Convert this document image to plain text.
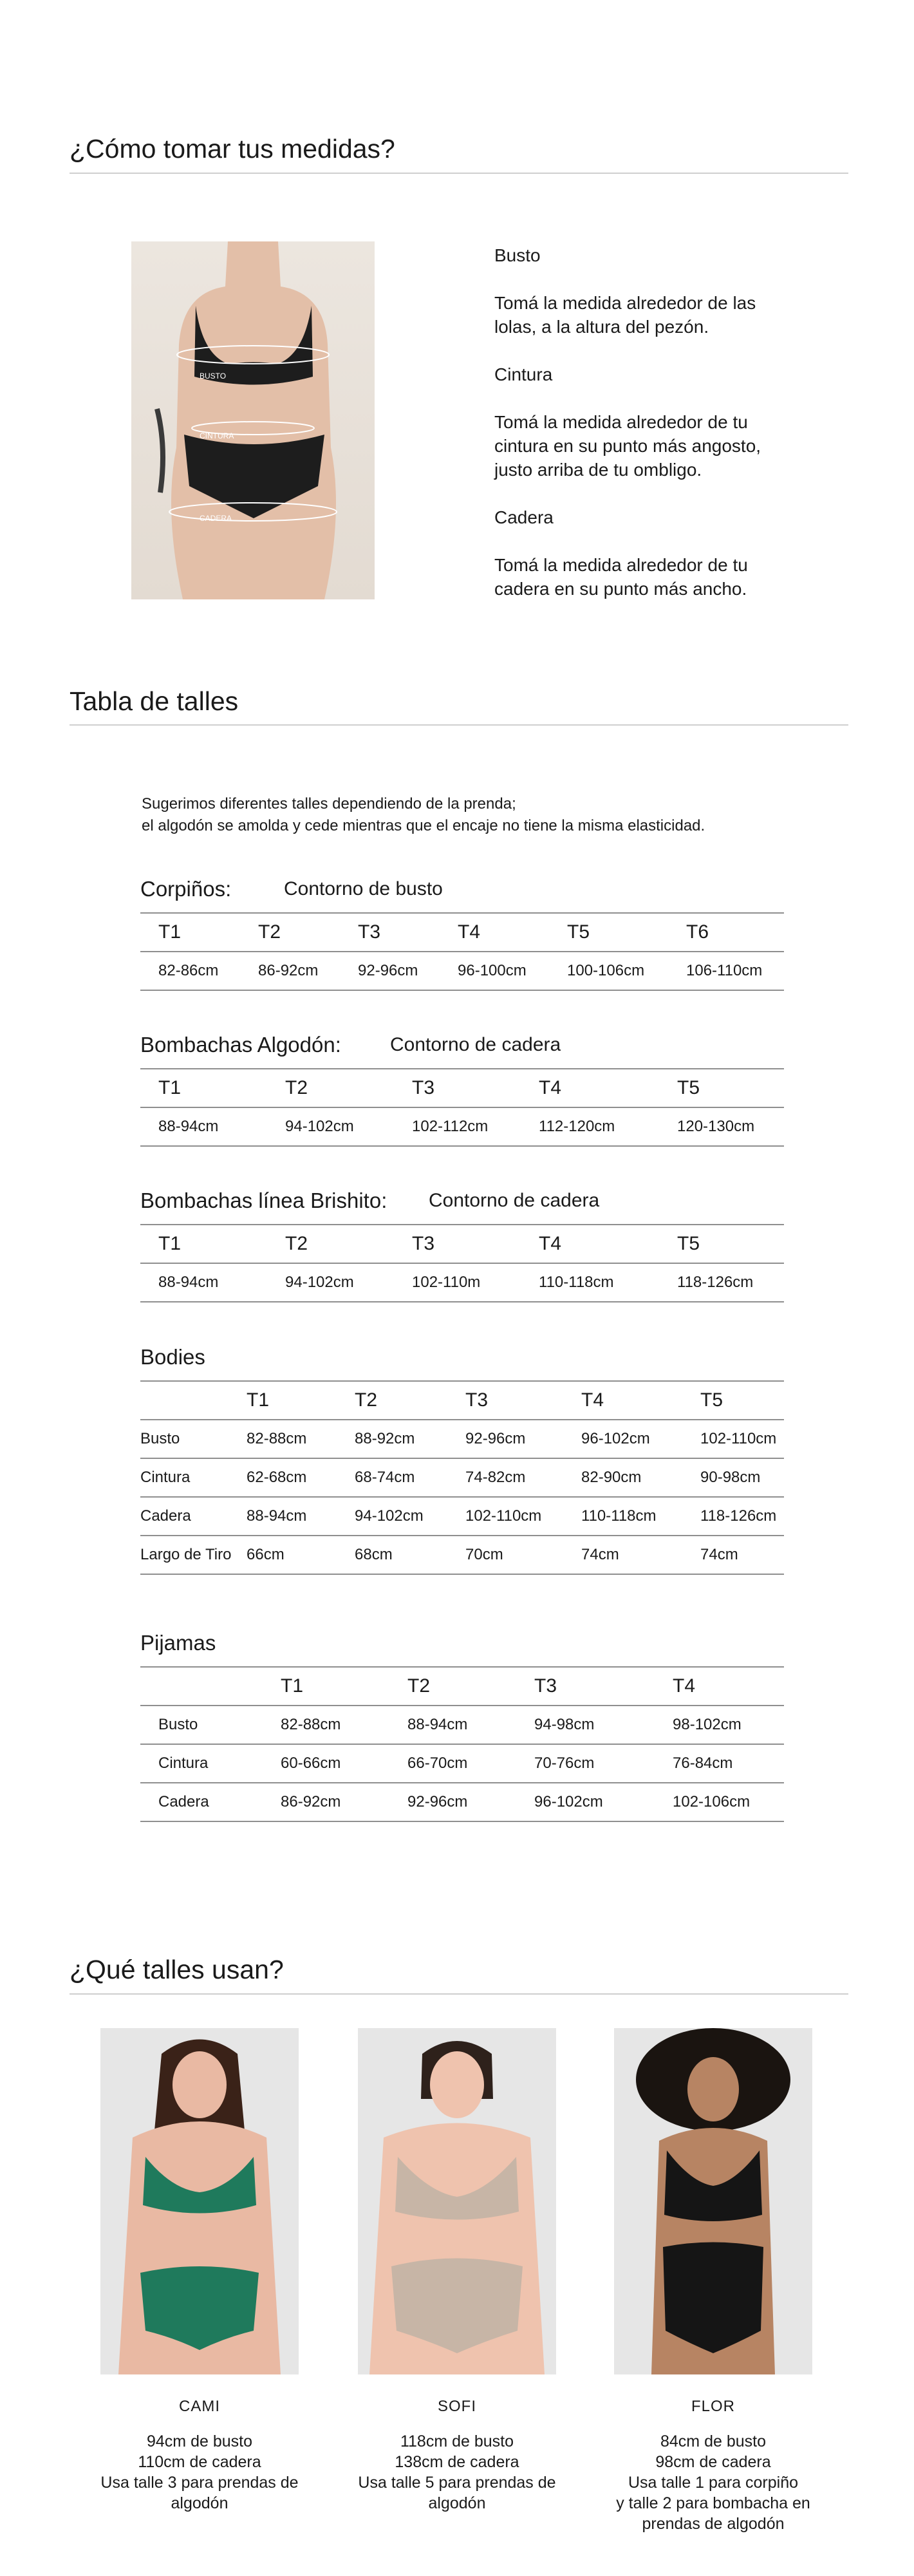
¿Cómo tomar tus medidas?
BUSTO
CINTURA
CADERA

Busto

Tomá la medida alrededor de las
lolas, a la altura del pezón.

Cintura

Tomá la medida alrededor de tu
cintura en su punto más angosto,
justo arriba de tu ombligo.

Cadera

Tomá la medida alrededor de tu
cadera en su punto más ancho.

Tabla de talles
Sugerimos diferentes talles dependiendo de la prenda;
el algodón se amolda y cede mientras que el encaje no tiene la misma elasticidad.
Corpiños:	Contorno de busto
T1	T2	T3	T4	T5	T6
82-86cm	86-92cm	92-96cm	96-100cm	100-106cm	106-110cm
Bombachas Algodón:	Contorno de cadera
T1	T2	T3	T4	T5
88-94cm	94-102cm	102-112cm	112-120cm	120-130cm
Bombachas línea Brishito: Contorno de cadera
T1	T2	T3	T4	T5
88-94cm	94-102cm	102-110m	110-118cm	118-126cm
Bodies
	T1	T2	T3	T4	T5
Busto	82-88cm	88-92cm	92-96cm	96-102cm	102-110cm
Cintura	62-68cm	68-74cm	74-82cm	82-90cm	90-98cm
Cadera	88-94cm	94-102cm	102-110cm	110-118cm	118-126cm
Largo de Tiro	66cm	68cm	70cm	74cm	74cm
Pijamas
	T1	T2	T3	T4
Busto	82-88cm	88-94cm	94-98cm	98-102cm
Cintura	60-66cm	66-70cm	70-76cm	76-84cm
Cadera	86-92cm	92-96cm	96-102cm	102-106cm
¿Qué talles usan?
CAMI
94cm de busto
110cm de cadera
Usa talle 3 para prendas de
algodón
SOFI
118cm de busto
138cm de cadera
Usa talle 5 para prendas de
algodón
FLOR
84cm de busto
98cm de cadera
Usa talle 1 para corpiño
y talle 2 para bombacha en
prendas de algodón
